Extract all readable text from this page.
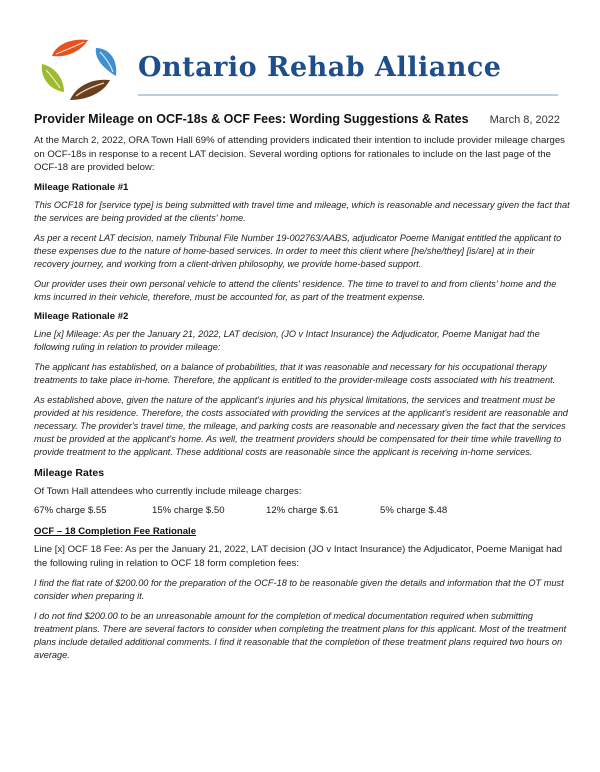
Ontario Rehab Alliance
Provider Mileage on OCF-18s & OCF Fees: Wording Suggestions & Rates March 8, 2022

At the March 2, 2022, ORA Town Hall 69% of attending providers indicated their intention to include provider mileage charges on OCF-18s in response to a recent LAT decision. Several wording options for rationales to include on the last page of the OCF-18 are provided below:

Mileage Rationale #1

This OCF18 for [service type] is being submitted with travel time and mileage, which is reasonable and necessary given the fact that the services are being provided at the clients' home.

As per a recent LAT decision, namely Tribunal File Number 19-002763/AABS, adjudicator Poeme Manigat entitled the applicant to these expenses due to the nature of home-based services. In order to meet this client where [he/she/they] [is/are] at in their recovery journey, and working from a client-driven philosophy, we provide home-based support.

Our provider uses their own personal vehicle to attend the clients' residence. The time to travel to and from clients' home and the kms incurred in their vehicle, therefore, must be accounted for, as part of the treatment expense.

Mileage Rationale #2

Line [x] Mileage: As per the January 21, 2022, LAT decision, (JO v Intact Insurance) the Adjudicator, Poeme Manigat had the following ruling in relation to provider mileage:

The applicant has established, on a balance of probabilities, that it was reasonable and necessary for his occupational therapy treatments to take place in-home. Therefore, the applicant is entitled to the provider-mileage costs associated with his treatment.

As established above, given the nature of the applicant's injuries and his physical limitations, the services and treatment must be provided at his residence. Therefore, the costs associated with providing the services at the applicant's resident are reasonable and necessary. The provider's travel time, the mileage, and parking costs are reasonable and necessary given the fact that the services must be provided at the applicant's home. As well, the treatment providers should be compensated for their time while travelling to provide treatment to the applicant. These additional costs are reasonable since the applicant is receiving in-home services.

Mileage Rates

Of Town Hall attendees who currently include mileage charges:

67% charge $.55	15% charge $.50	12% charge $.61	5% charge $.48
OCF – 18 Completion Fee Rationale

Line [x] OCF 18 Fee: As per the January 21, 2022, LAT decision (JO v Intact Insurance) the Adjudicator, Poeme Manigat had the following ruling in relation to OCF 18 form completion fees:

I find the flat rate of $200.00 for the preparation of the OCF-18 to be reasonable given the details and information that the OT must consider when preparing it.

I do not find $200.00 to be an unreasonable amount for the completion of medical documentation required when submitting treatment plans. There are several factors to consider when completing the treatment plans for this applicant. Most of the treatment plans include detailed additional comments. I find it reasonable that the completion of these treatment plans required two hours on average.
